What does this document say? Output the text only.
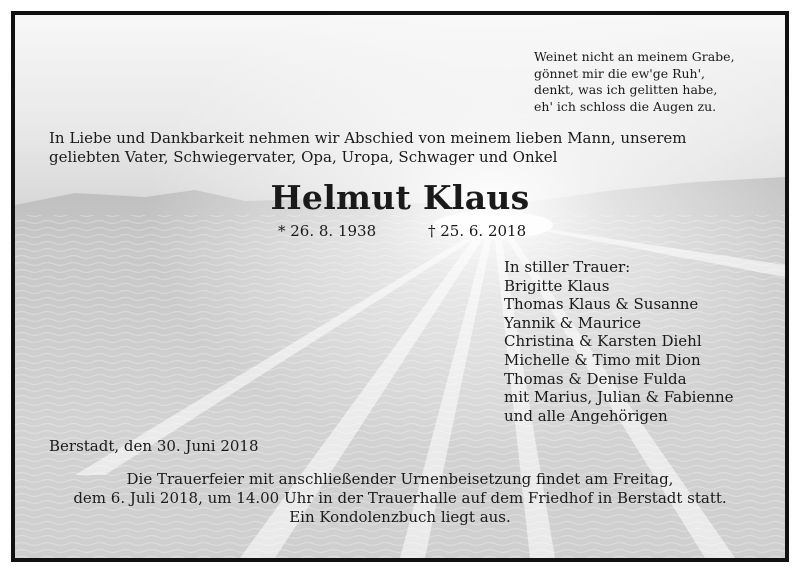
Weinet nicht an meinem Grabe,
gönnet mir die ew'ge Ruh',
denkt, was ich gelitten habe,
eh' ich schloss die Augen zu.
In Liebe und Dankbarkeit nehmen wir Abschied von meinem lieben Mann, unserem
geliebten Vater, Schwiegervater, Opa, Uropa, Schwager und Onkel
Helmut Klaus
* 26. 8. 1938	† 25. 6. 2018
In stiller Trauer:
Brigitte Klaus
Thomas Klaus & Susanne
Yannik & Maurice
Christina & Karsten Diehl
Michelle & Timo mit Dion
Thomas & Denise Fulda
mit Marius, Julian & Fabienne
und alle Angehörigen
Berstadt, den 30. Juni 2018
Die Trauerfeier mit anschließender Urnenbeisetzung findet am Freitag,
dem 6. Juli 2018, um 14.00 Uhr in der Trauerhalle auf dem Friedhof in Berstadt statt.
Ein Kondolenzbuch liegt aus.
